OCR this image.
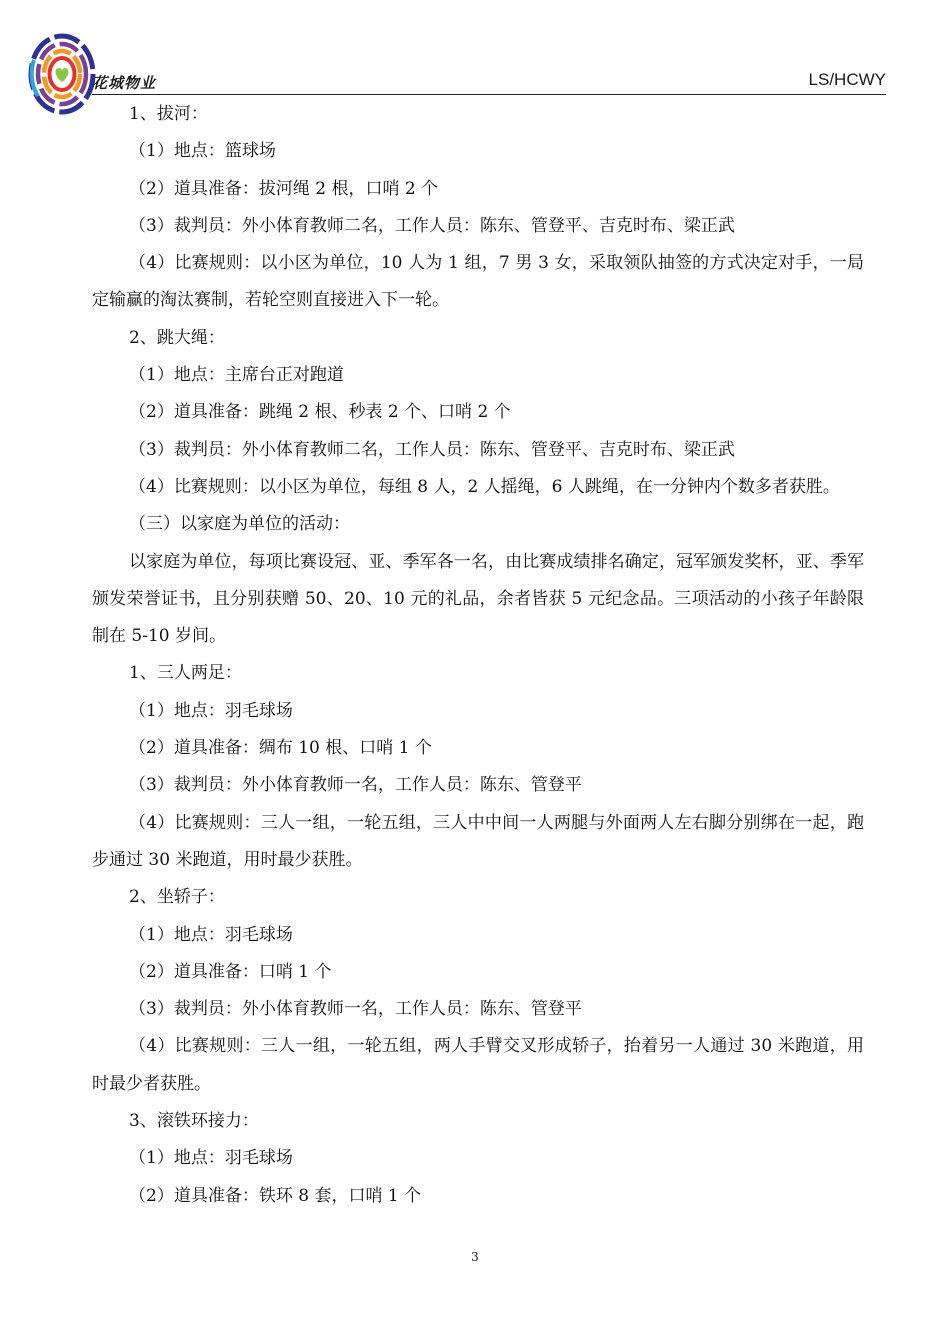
花城物业	LS/HCWY

1、拔河：

（1）地点：篮球场

（2）道具准备：拔河绳 2 根，口哨 2 个

（3）裁判员：外小体育教师二名，工作人员：陈东、管登平、吉克时布、梁正武

（4）比赛规则：以小区为单位，10 人为 1 组，7 男 3 女，采取领队抽签的方式决定对手，一局定输赢的淘汰赛制，若轮空则直接进入下一轮。

2、跳大绳：

（1）地点：主席台正对跑道

（2）道具准备：跳绳 2 根、秒表 2 个、口哨 2 个

（3）裁判员：外小体育教师二名，工作人员：陈东、管登平、吉克时布、梁正武

（4）比赛规则：以小区为单位，每组 8 人，2 人摇绳，6 人跳绳，在一分钟内个数多者获胜。

（三）以家庭为单位的活动：

以家庭为单位，每项比赛设冠、亚、季军各一名，由比赛成绩排名确定，冠军颁发奖杯，亚、季军颁发荣誉证书，且分别获赠 50、20、10 元的礼品，余者皆获 5 元纪念品。三项活动的小孩子年龄限制在 5-10 岁间。

1、三人两足：

（1）地点：羽毛球场

（2）道具准备：绸布 10 根、口哨 1 个

（3）裁判员：外小体育教师一名，工作人员：陈东、管登平

（4）比赛规则：三人一组，一轮五组，三人中中间一人两腿与外面两人左右脚分别绑在一起，跑步通过 30 米跑道，用时最少获胜。

2、坐轿子：

（1）地点：羽毛球场

（2）道具准备：口哨 1 个

（3）裁判员：外小体育教师一名，工作人员：陈东、管登平

（4）比赛规则：三人一组，一轮五组，两人手臂交叉形成轿子，抬着另一人通过 30 米跑道，用时最少者获胜。

3、滚铁环接力：

（1）地点：羽毛球场

（2）道具准备：铁环 8 套，口哨 1 个

3
